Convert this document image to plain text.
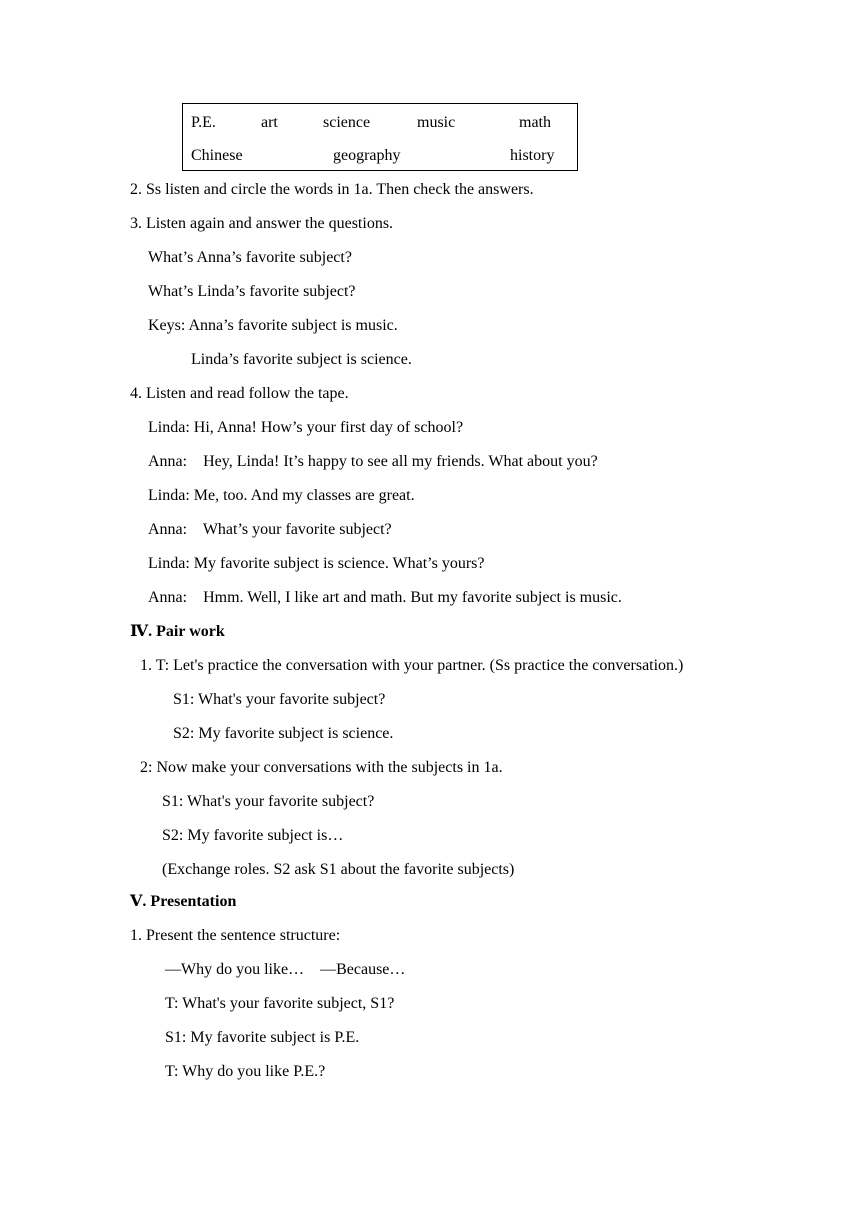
P.E.	art	science	music	math
Chinese	geography	history
2. Ss listen and circle the words in 1a. Then check the answers.
3. Listen again and answer the questions.
What’s Anna’s favorite subject?
What’s Linda’s favorite subject?
Keys: Anna’s favorite subject is music.
Linda’s favorite subject is science.
4. Listen and read follow the tape.
Linda: Hi, Anna! How’s your first day of school?
Anna:    Hey, Linda! It’s happy to see all my friends. What about you?
Linda: Me, too. And my classes are great.
Anna:    What’s your favorite subject?
Linda: My favorite subject is science. What’s yours?
Anna:    Hmm. Well, I like art and math. But my favorite subject is music.
Ⅳ. Pair work
1. T: Let's practice the conversation with your partner. (Ss practice the conversation.)
S1: What's your favorite subject?
S2: My favorite subject is science.
2: Now make your conversations with the subjects in 1a.
S1: What's your favorite subject?
S2: My favorite subject is…
(Exchange roles. S2 ask S1 about the favorite subjects)
Ⅴ. Presentation
1. Present the sentence structure:
—Why do you like…    —Because…
T: What's your favorite subject, S1?
S1: My favorite subject is P.E.
T: Why do you like P.E.?
